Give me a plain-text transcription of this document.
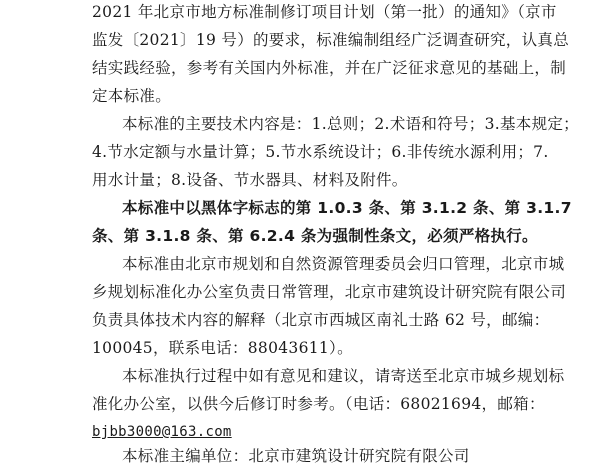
2021 年北京市地方标准制修订项目计划（第一批）的通知》（京市
监发〔2021〕19 号）的要求，标准编制组经广泛调查研究，认真总
结实践经验，参考有关国内外标准，并在广泛征求意见的基础上，制
定本标准。
本标准的主要技术内容是：1.总则；2.术语和符号；3.基本规定；
4.节水定额与水量计算；5.节水系统设计；6.非传统水源利用；7.
用水计量；8.设备、节水器具、材料及附件。
本标准中以黑体字标志的第 1.0.3 条、第 3.1.2 条、第 3.1.7
条、第 3.1.8 条、第 6.2.4 条为强制性条文，必须严格执行。
本标准由北京市规划和自然资源管理委员会归口管理，北京市城
乡规划标准化办公室负责日常管理，北京市建筑设计研究院有限公司
负责具体技术内容的解释（北京市西城区南礼士路 62 号，邮编：
100045，联系电话：88043611）。
本标准执行过程中如有意见和建议，请寄送至北京市城乡规划标
准化办公室，以供今后修订时参考。（电话：68021694，邮箱：
bjbb3000@163.com
本标准主编单位：北京市建筑设计研究院有限公司
